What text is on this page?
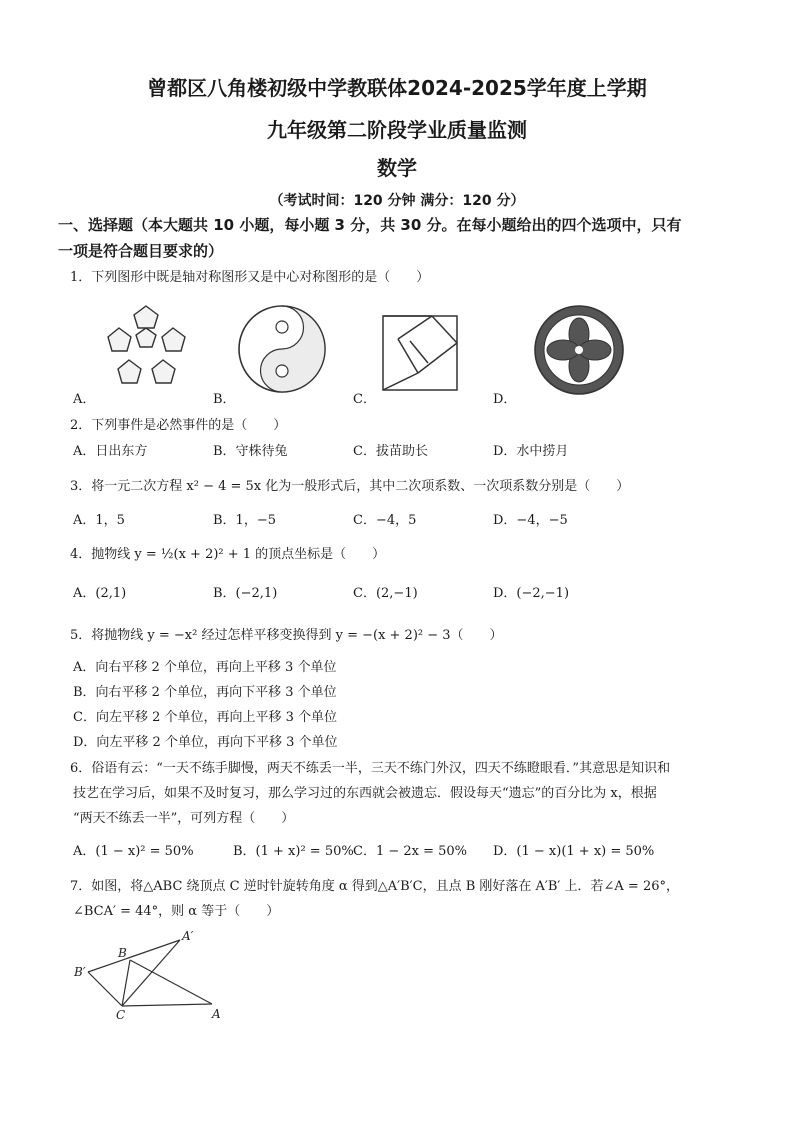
曾都区八角楼初级中学教联体2024-2025学年度上学期
九年级第二阶段学业质量监测
数学
（考试时间：120 分钟 满分：120 分）
一、选择题（本大题共 10 小题，每小题 3 分，共 30 分。在每小题给出的四个选项中，只有
一项是符合题目要求的）
1．下列图形中既是轴对称图形又是中心对称图形的是（　　）
A．	B．	C．	D．
2．下列事件是必然事件的是（　　）
A．日出东方	B．守株待兔	C．拔苗助长	D．水中捞月
3．将一元二次方程 x² − 4 = 5x 化为一般形式后，其中二次项系数、一次项系数分别是（　　）
A．1，5	B．1，−5	C．−4，5	D．−4，−5
4．抛物线 y = ½(x + 2)² + 1 的顶点坐标是（　　）
A．(2,1)	B．(−2,1)	C．(2,−1)	D．(−2,−1)
5．将抛物线 y = −x² 经过怎样平移变换得到 y = −(x + 2)² − 3（　　）
A．向右平移 2 个单位，再向上平移 3 个单位
B．向右平移 2 个单位，再向下平移 3 个单位
C．向左平移 2 个单位，再向上平移 3 个单位
D．向左平移 2 个单位，再向下平移 3 个单位
6．俗语有云：“一天不练手脚慢，两天不练丢一半，三天不练门外汉，四天不练瞪眼看．”其意思是知识和
技艺在学习后，如果不及时复习，那么学习过的东西就会被遗忘．假设每天“遗忘”的百分比为 x，根据
“两天不练丢一半”，可列方程（　　）
A．(1 − x)² = 50%	B．(1 + x)² = 50% C．1 − 2x = 50% D．(1 − x)(1 + x) = 50%
7．如图，将△ABC 绕顶点 C 逆时针旋转角度 α 得到△A′B′C，且点 B 刚好落在 A′B′ 上．若∠A = 26°，
∠BCA′ = 44°，则 α 等于（　　）
A′
B
B′
C	A
